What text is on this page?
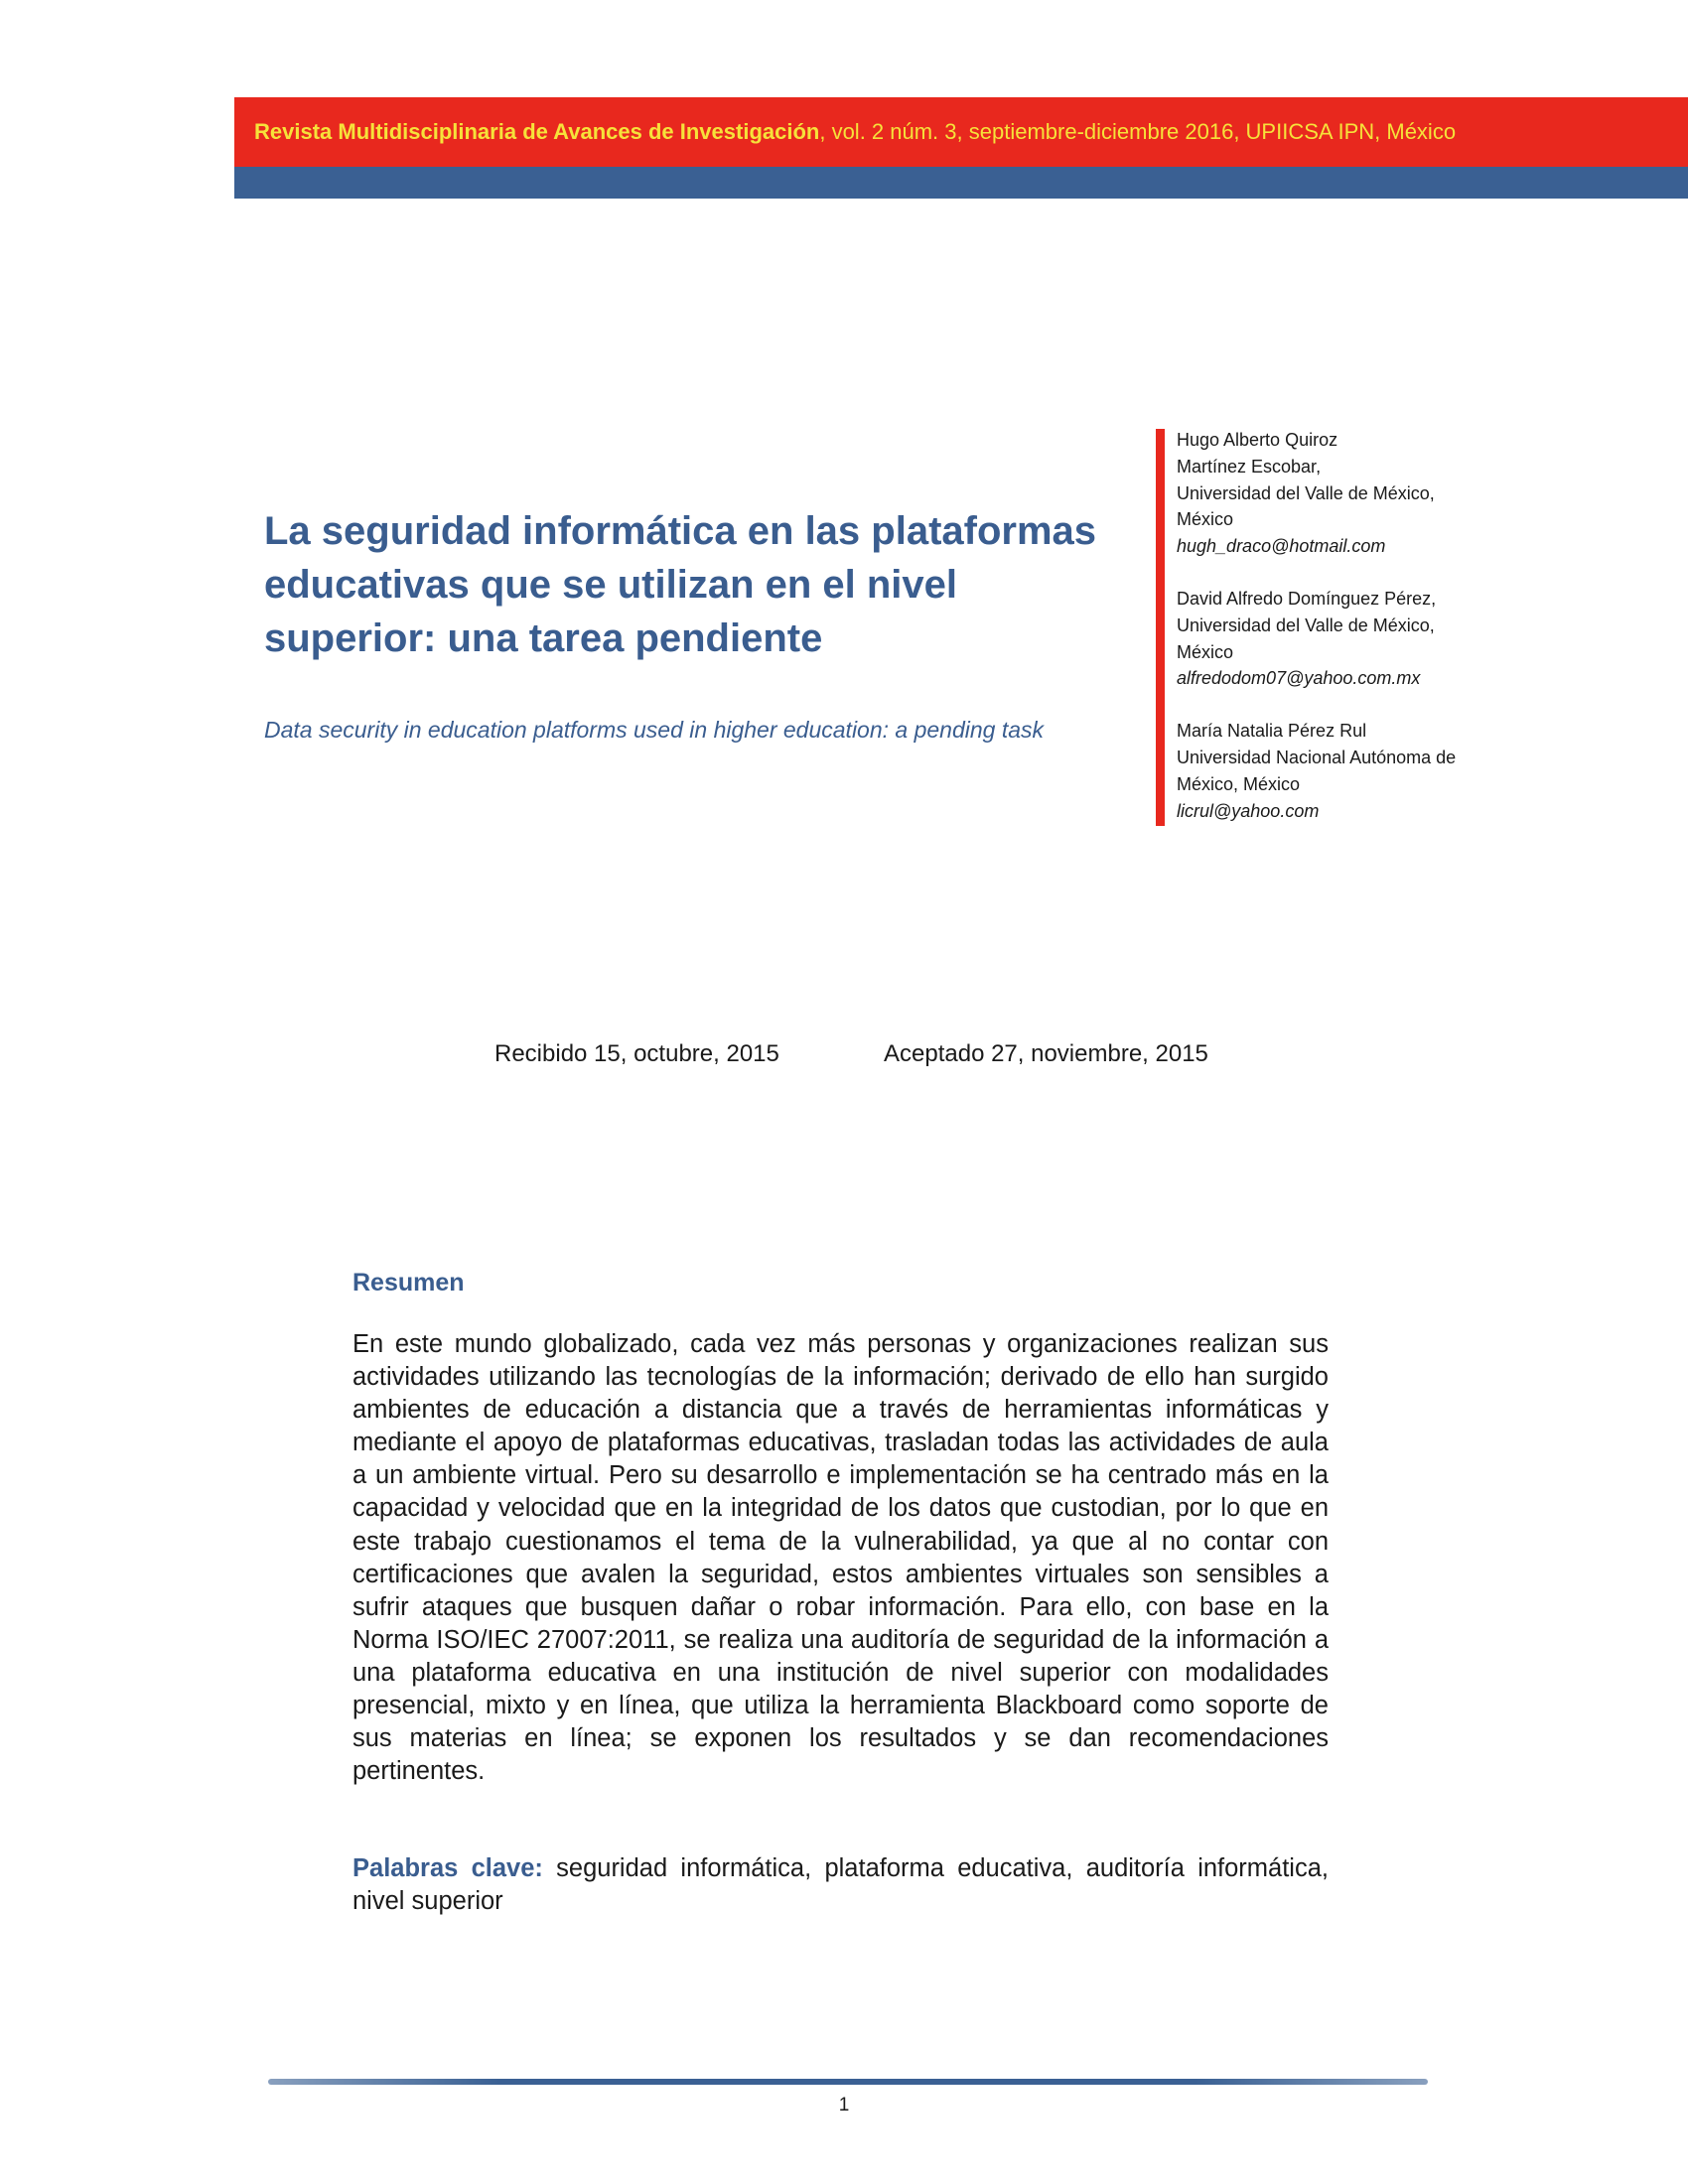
Revista Multidisciplinaria de Avances de Investigación, vol. 2 núm. 3, septiembre-diciembre 2016, UPIICSA IPN, México
La seguridad informática en las plataformas educativas que se utilizan en el nivel superior: una tarea pendiente
Data security in education platforms used in higher education: a pending task
Hugo Alberto Quiroz
Martínez Escobar,
Universidad del Valle de México,
México
hugh_draco@hotmail.com
David Alfredo Domínguez Pérez,
Universidad del Valle de México,
México
alfredodom07@yahoo.com.mx
María Natalia Pérez Rul
Universidad Nacional Autónoma de
México, México
licrul@yahoo.com
Recibido 15, octubre, 2015	Aceptado 27, noviembre, 2015
Resumen

En este mundo globalizado, cada vez más personas y organizaciones realizan sus actividades utilizando las tecnologías de la información; derivado de ello han surgido ambientes de educación a distancia que a través de herramientas informáticas y mediante el apoyo de plataformas educativas, trasladan todas las actividades de aula a un ambiente virtual. Pero su desarrollo e implementación se ha centrado más en la capacidad y velocidad que en la integridad de los datos que custodian, por lo que en este trabajo cuestionamos el tema de la vulnerabilidad, ya que al no contar con certificaciones que avalen la seguridad, estos ambientes virtuales son sensibles a sufrir ataques que busquen dañar o robar información. Para ello, con base en la Norma ISO/IEC 27007:2011, se realiza una auditoría de seguridad de la información a una plataforma educativa en una institución de nivel superior con modalidades presencial, mixto y en línea, que utiliza la herramienta Blackboard como soporte de sus materias en línea; se exponen los resultados y se dan recomendaciones pertinentes.

Palabras clave: seguridad informática, plataforma educativa, auditoría informática, nivel superior

1
